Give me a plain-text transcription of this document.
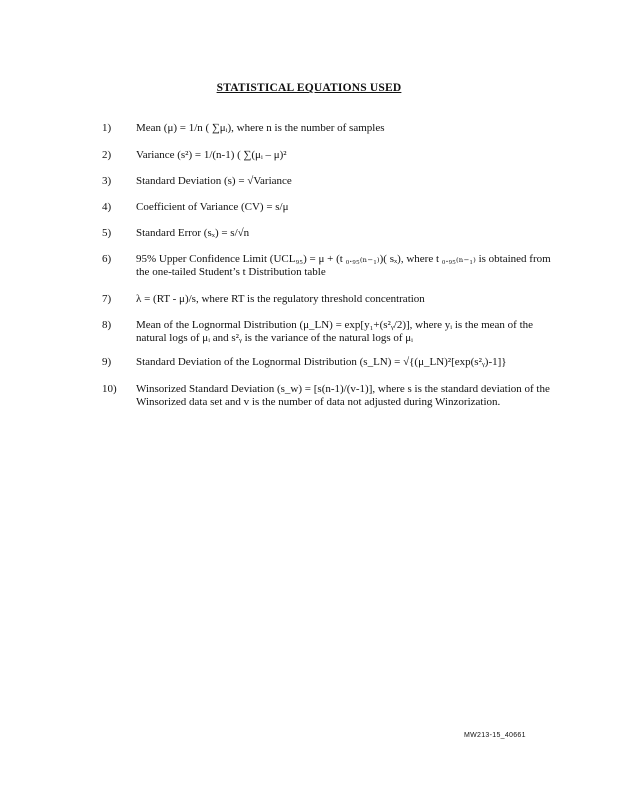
STATISTICAL EQUATIONS USED
1) Mean (μ) = 1/n ( ∑μᵢ), where n is the number of samples
2) Variance (s²) = 1/(n-1) ( ∑(μᵢ – μ)²
3) Standard Deviation (s) = √Variance
4) Coefficient of Variance (CV) = s/μ
5) Standard Error (sₓ) = s/√n
6) 95% Upper Confidence Limit (UCL₉₅) = μ + (t ₀.₉₅₍ₙ₋₁₎)( sₓ), where t ₀.₉₅₍ₙ₋₁₎ is obtained from the one-tailed Student’s t Distribution table
7) λ = (RT - μ)/s, where RT is the regulatory threshold concentration
8) Mean of the Lognormal Distribution (μ_LN) = exp[y₁+(s²ᵧ/2)], where yᵢ is the mean of the natural logs of μᵢ and s²ᵧ is the variance of the natural logs of μᵢ
9) Standard Deviation of the Lognormal Distribution (s_LN) = √{(μ_LN)²[exp(s²ᵧ)-1]}
10) Winsorized Standard Deviation (s_w) = [s(n-1)/(v-1)], where s is the standard deviation of the Winsorized data set and v is the number of data not adjusted during Winzorization.
MW213-15_40661
